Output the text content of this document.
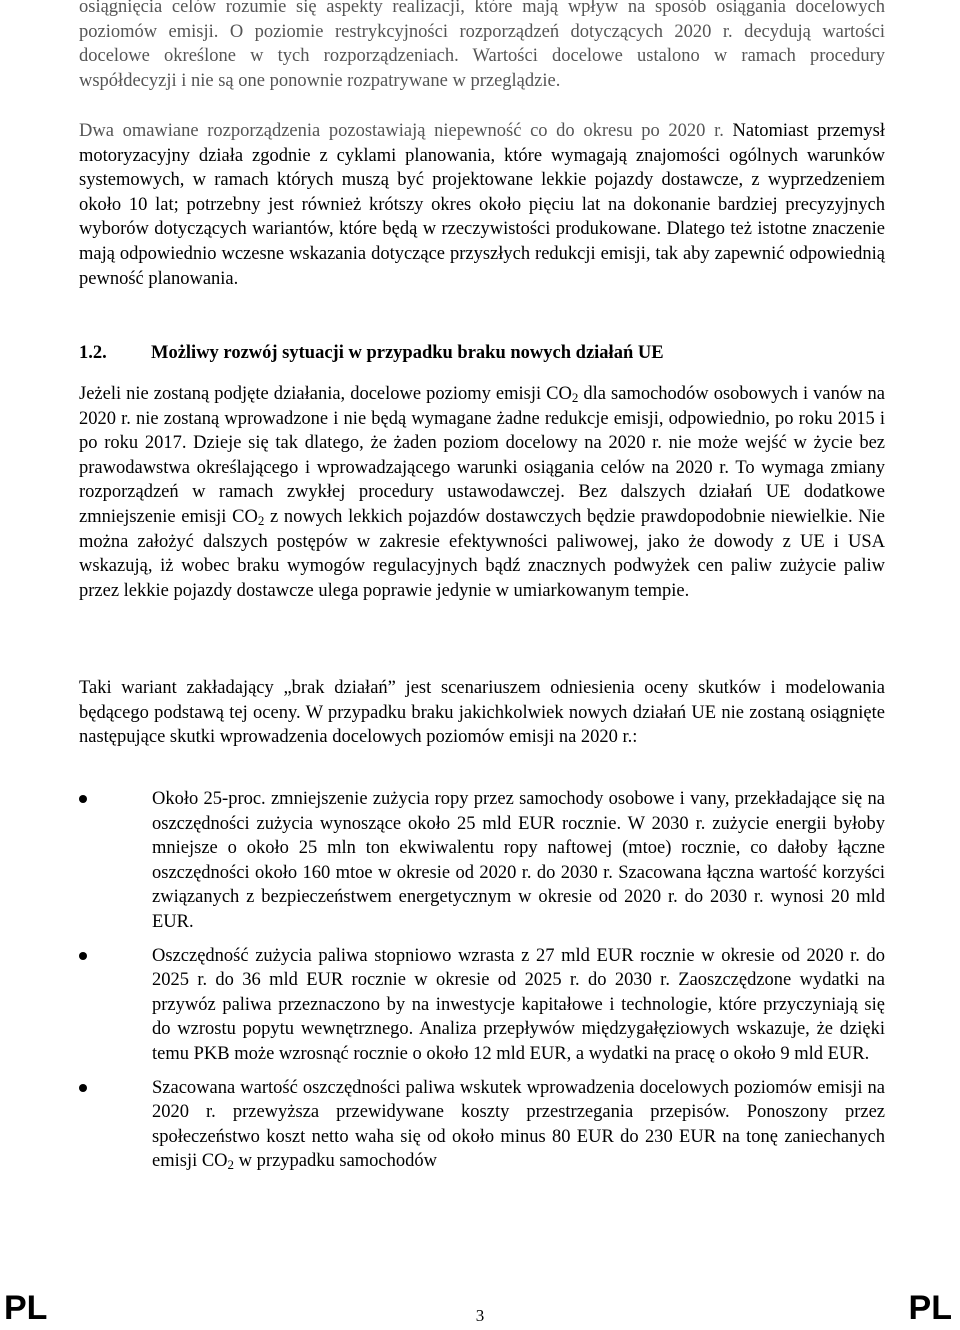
osiągnięcia celów rozumie się aspekty realizacji, które mają wpływ na sposób osiągania docelowych poziomów emisji. O poziomie restrykcyjności rozporządzeń dotyczących 2020 r. decydują wartości docelowe określone w tych rozporządzeniach. Wartości docelowe ustalono w ramach procedury współdecyzji i nie są one ponownie rozpatrywane w przeglądzie.

Dwa omawiane rozporządzenia pozostawiają niepewność co do okresu po 2020 r. Natomiast przemysł motoryzacyjny działa zgodnie z cyklami planowania, które wymagają znajomości ogólnych warunków systemowych, w ramach których muszą być projektowane lekkie pojazdy dostawcze, z wyprzedzeniem około 10 lat; potrzebny jest również krótszy okres około pięciu lat na dokonanie bardziej precyzyjnych wyborów dotyczących wariantów, które będą w rzeczywistości produkowane. Dlatego też istotne znaczenie mają odpowiednio wczesne wskazania dotyczące przyszłych redukcji emisji, tak aby zapewnić odpowiednią pewność planowania.

1.2. Możliwy rozwój sytuacji w przypadku braku nowych działań UE

Jeżeli nie zostaną podjęte działania, docelowe poziomy emisji $CO_2$ dla samochodów osobowych i vanów na 2020 r. nie zostaną wprowadzone i nie będą wymagane żadne redukcje emisji, odpowiednio, po roku 2015 i po roku 2017. Dzieje się tak dlatego, że żaden poziom docelowy na 2020 r. nie może wejść w życie bez prawodawstwa określającego i wprowadzającego warunki osiągania celów na 2020 r. To wymaga zmiany rozporządzeń w ramach zwykłej procedury ustawodawczej. Bez dalszych działań UE dodatkowe zmniejszenie emisji $CO_2$ z nowych lekkich pojazdów dostawczych będzie prawdopodobnie niewielkie. Nie można założyć dalszych postępów w zakresie efektywności paliwowej, jako że dowody z UE i USA wskazują, iż wobec braku wymogów regulacyjnych bądź znacznych podwyżek cen paliw zużycie paliw przez lekkie pojazdy dostawcze ulega poprawie jedynie w umiarkowanym tempie.

Taki wariant zakładający „brak działań” jest scenariuszem odniesienia oceny skutków i modelowania będącego podstawą tej oceny. W przypadku braku jakichkolwiek nowych działań UE nie zostaną osiągnięte następujące skutki wprowadzenia docelowych poziomów emisji na 2020 r.:

Około 25-proc. zmniejszenie zużycia ropy przez samochody osobowe i vany, przekładające się na oszczędności zużycia wynoszące około 25 mld EUR rocznie. W 2030 r. zużycie energii byłoby mniejsze o około 25 mln ton ekwiwalentu ropy naftowej (mtoe) rocznie, co dałoby łączne oszczędności około 160 mtoe w okresie od 2020 r. do 2030 r. Szacowana łączna wartość korzyści związanych z bezpieczeństwem energetycznym w okresie od 2020 r. do 2030 r. wynosi 20 mld EUR.
Oszczędność zużycia paliwa stopniowo wzrasta z 27 mld EUR rocznie w okresie od 2020 r. do 2025 r. do 36 mld EUR rocznie w okresie od 2025 r. do 2030 r. Zaoszczędzone wydatki na przywóz paliwa przeznaczono by na inwestycje kapitałowe i technologie, które przyczyniają się do wzrostu popytu wewnętrznego. Analiza przepływów międzygałęziowych wskazuje, że dzięki temu PKB może wzrosnąć rocznie o około 12 mld EUR, a wydatki na pracę o około 9 mld EUR.
Szacowana wartość oszczędności paliwa wskutek wprowadzenia docelowych poziomów emisji na 2020 r. przewyższa przewidywane koszty przestrzegania przepisów. Ponoszony przez społeczeństwo koszt netto waha się od około minus 80 EUR do 230 EUR na tonę zaniechanych emisji $CO_2$ w przypadku samochodów
PL	3	PL
